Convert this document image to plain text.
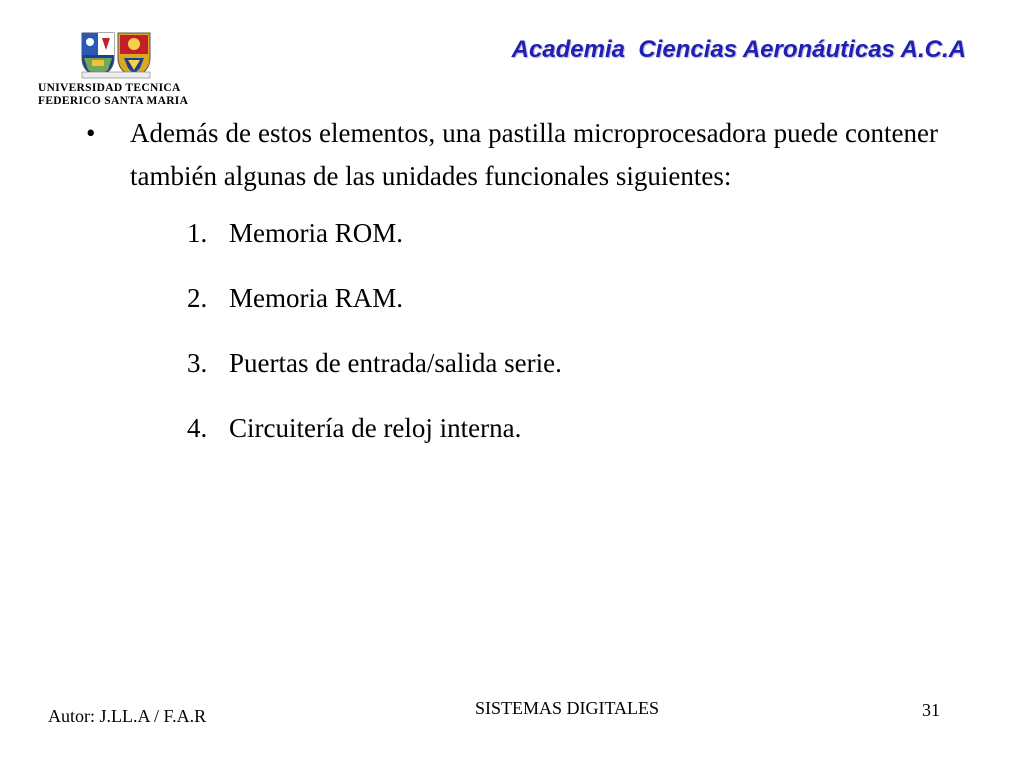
UNIVERSIDAD TECNICA
FEDERICO SANTA MARIA
Academia  Ciencias Aeronáuticas A.C.A
•	Además de estos elementos, una pastilla microprocesadora puede contener también algunas de las unidades funcionales siguientes:
1. Memoria ROM.
2. Memoria RAM.
3. Puertas de entrada/salida serie.
4. Circuitería de reloj interna.
Autor: J.LL.A / F.A.R	SISTEMAS DIGITALES	31
